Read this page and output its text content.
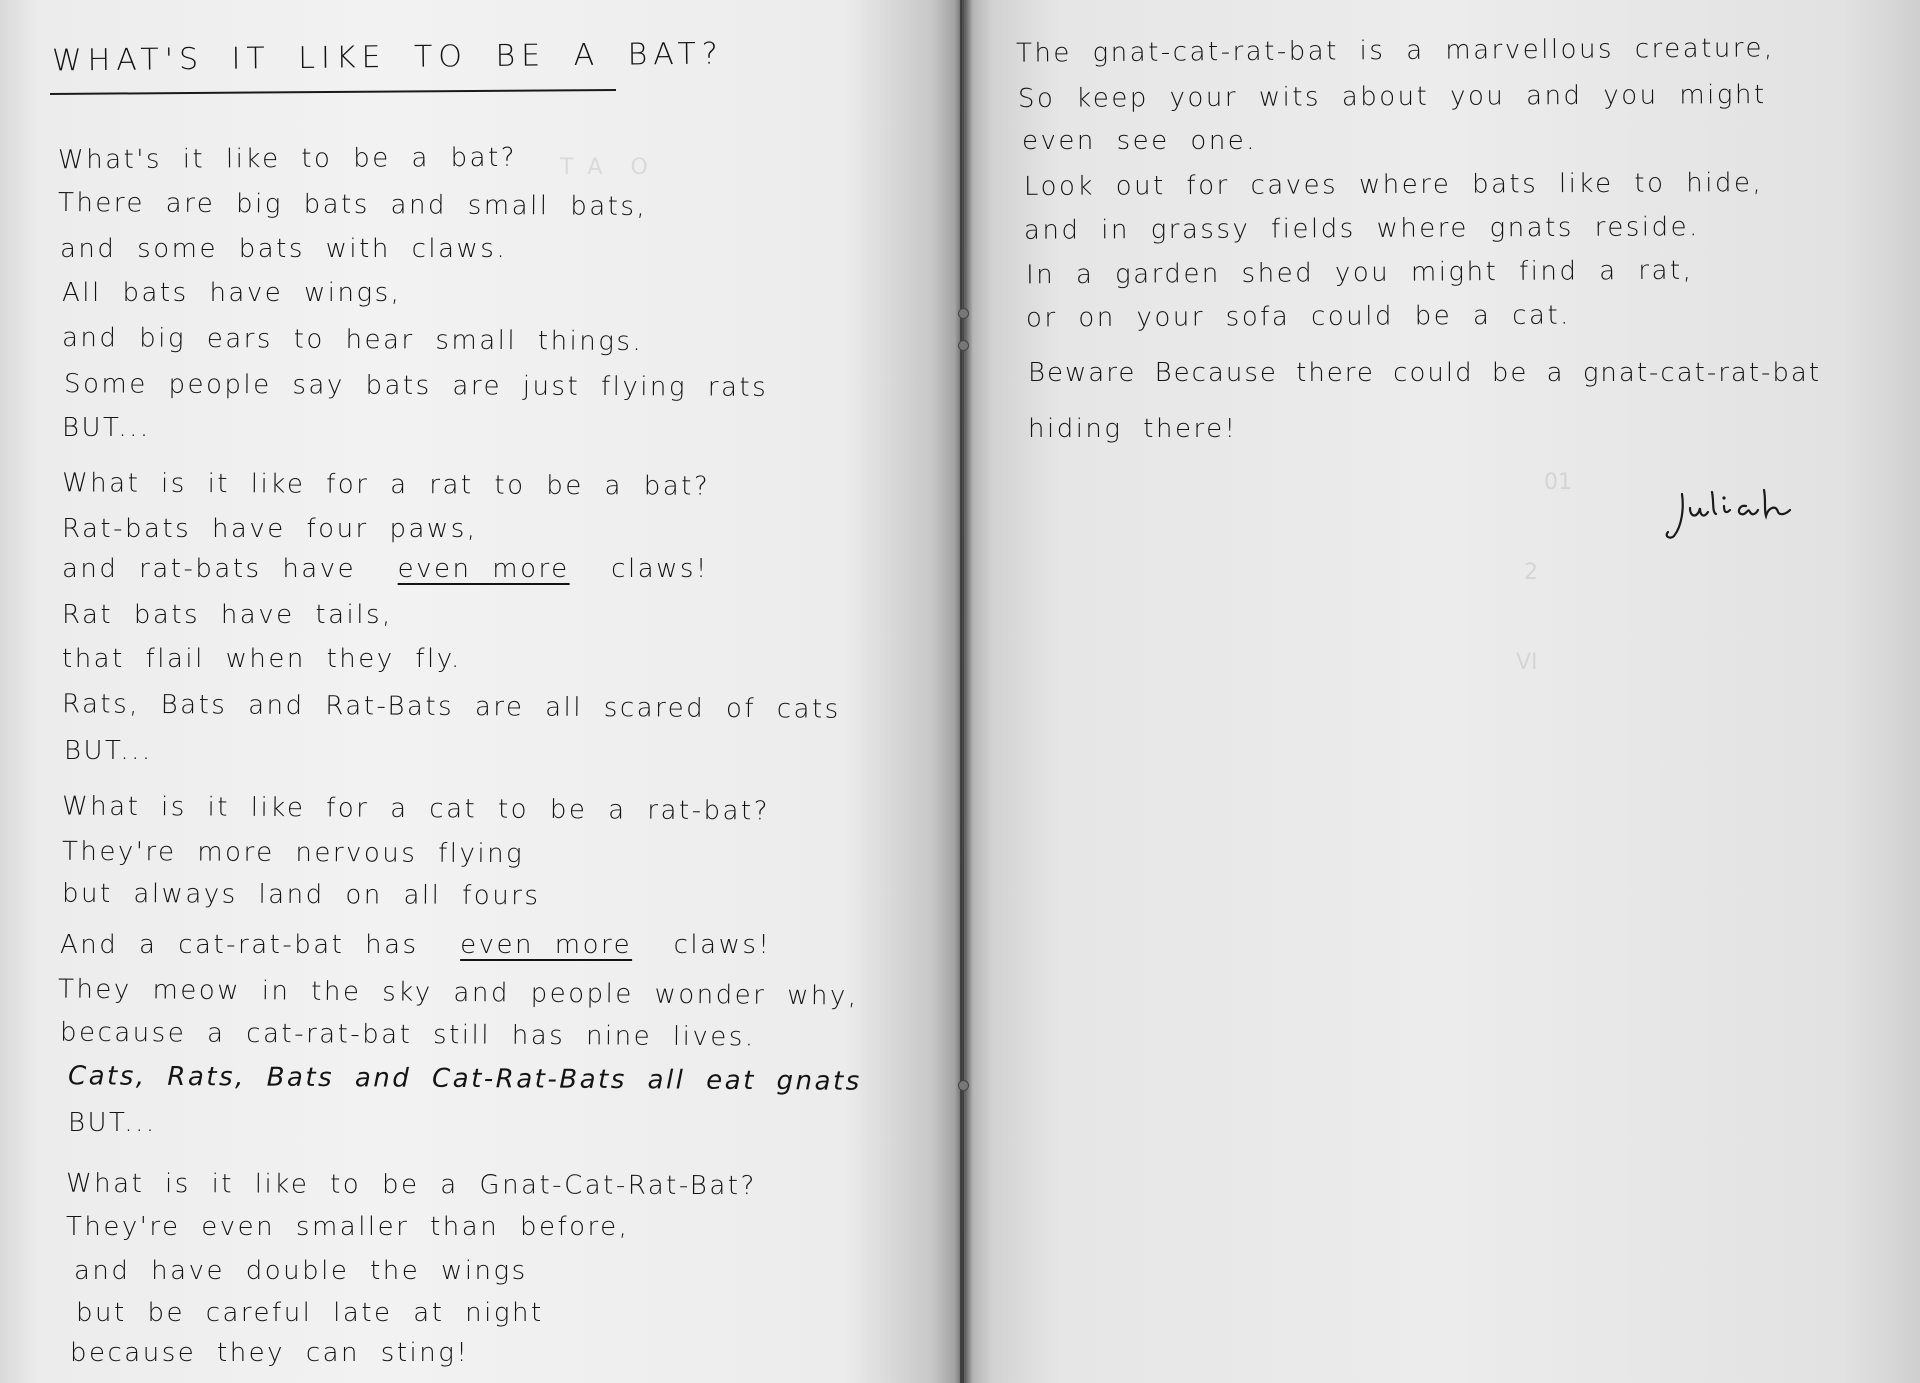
T  A    O
WHAT'S IT LIKE TO BE A BAT?
What's it like to be a bat?
There are big bats and small bats,
and some bats with claws.
All bats have wings,
and big ears to hear small things.
Some people say bats are just flying rats
BUT...
What is it like for a rat to be a bat?
Rat-bats have four paws,
and rat-bats have even more claws!
Rat bats have tails,
that flail when they fly.
Rats, Bats and Rat-Bats are all scared of cats
BUT...
What is it like for a cat to be a rat-bat?
They're more nervous flying
but always land on all fours
And a cat-rat-bat has even more claws!
They meow in the sky and people wonder why,
because a cat-rat-bat still has nine lives.
Cats, Rats, Bats and Cat-Rat-Bats all eat gnats
BUT...
What is it like to be a Gnat-Cat-Rat-Bat?
They're even smaller than before,
and have double the wings
but be careful late at night
because they can sting!
01
2
VI
The gnat-cat-rat-bat is a marvellous creature,
So keep your wits about you and you might
even see one.
Look out for caves where bats like to hide,
and in grassy fields where gnats reside.
In a garden shed you might find a rat,
or on your sofa could be a cat.
Beware Because there could be a gnat-cat-rat-bat
hiding there!
